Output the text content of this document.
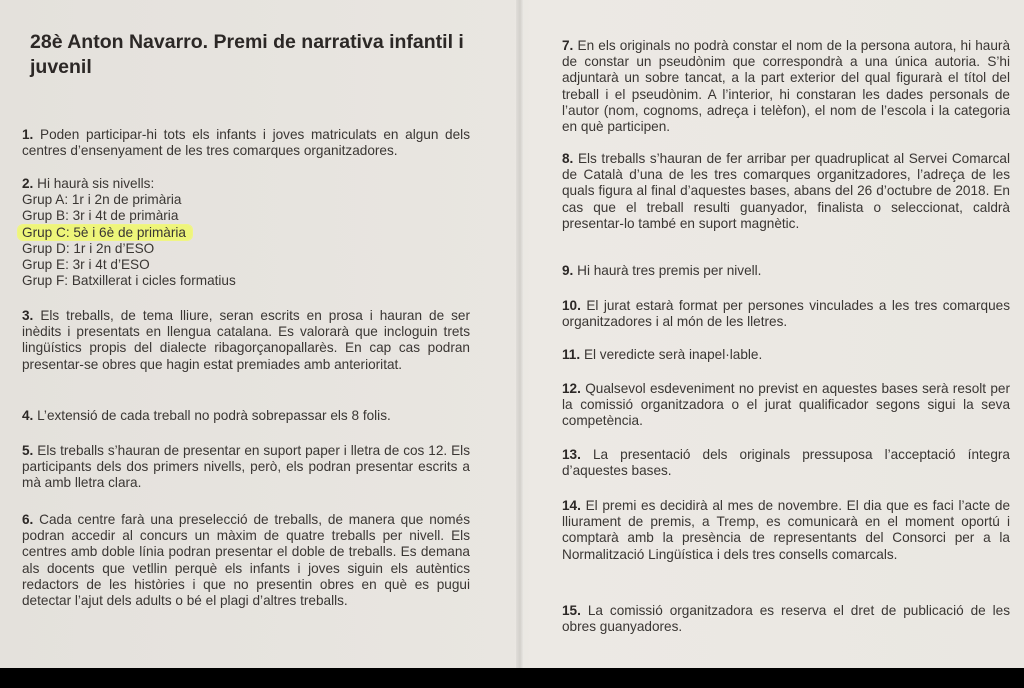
28è Anton Navarro. Premi de narrativa infantil i juvenil

1. Poden participar-hi tots els infants i joves matriculats en algun dels centres d’ensenyament de les tres comarques organitzadores.

2. Hi haurà sis nivells:
Grup A: 1r i 2n de primària
Grup B: 3r i 4t de primària
Grup C: 5è i 6è de primària
Grup D: 1r i 2n d’ESO
Grup E: 3r i 4t d’ESO
Grup F: Batxillerat i cicles formatius

3. Els treballs, de tema lliure, seran escrits en prosa i hauran de ser inèdits i presentats en llengua catalana. Es valorarà que incloguin trets lingüístics propis del dialecte ribagorçanopallarès. En cap cas podran presentar-se obres que hagin estat premiades amb anterioritat.

4. L’extensió de cada treball no podrà sobrepassar els 8 folis.

5. Els treballs s’hauran de presentar en suport paper i lletra de cos 12. Els participants dels dos primers nivells, però, els podran presentar escrits a mà amb lletra clara.

6. Cada centre farà una preselecció de treballs, de manera que només podran accedir al concurs un màxim de quatre treballs per nivell. Els centres amb doble línia podran presentar el doble de treballs. Es demana als docents que vetllin perquè els infants i joves siguin els autèntics redactors de les històries i que no presentin obres en què es pugui detectar l’ajut dels adults o bé el plagi d’altres treballs.

7. En els originals no podrà constar el nom de la persona autora, hi haurà de constar un pseudònim que correspondrà a una única autoria. S’hi adjuntarà un sobre tancat, a la part exterior del qual figurarà el títol del treball i el pseudònim. A l’interior, hi constaran les dades personals de l’autor (nom, cognoms, adreça i telèfon), el nom de l’escola i la categoria en què participen.

8. Els treballs s’hauran de fer arribar per quadruplicat al Servei Comarcal de Català d’una de les tres comarques organitzadores, l’adreça de les quals figura al final d’aquestes bases, abans del 26 d’octubre de 2018. En cas que el treball resulti guanyador, finalista o seleccionat, caldrà presentar-lo també en suport magnètic.

9. Hi haurà tres premis per nivell.

10. El jurat estarà format per persones vinculades a les tres comarques organitzadores i al món de les lletres.

11. El veredicte serà inapel·lable.

12. Qualsevol esdeveniment no previst en aquestes bases serà resolt per la comissió organitzadora o el jurat qualificador segons sigui la seva competència.

13. La presentació dels originals pressuposa l’acceptació íntegra d’aquestes bases.

14. El premi es decidirà al mes de novembre. El dia que es faci l’acte de lliurament de premis, a Tremp, es comunicarà en el moment oportú i comptarà amb la presència de representants del Consorci per a la Normalització Lingüística i dels tres consells comarcals.

15. La comissió organitzadora es reserva el dret de publicació de les obres guanyadores.
